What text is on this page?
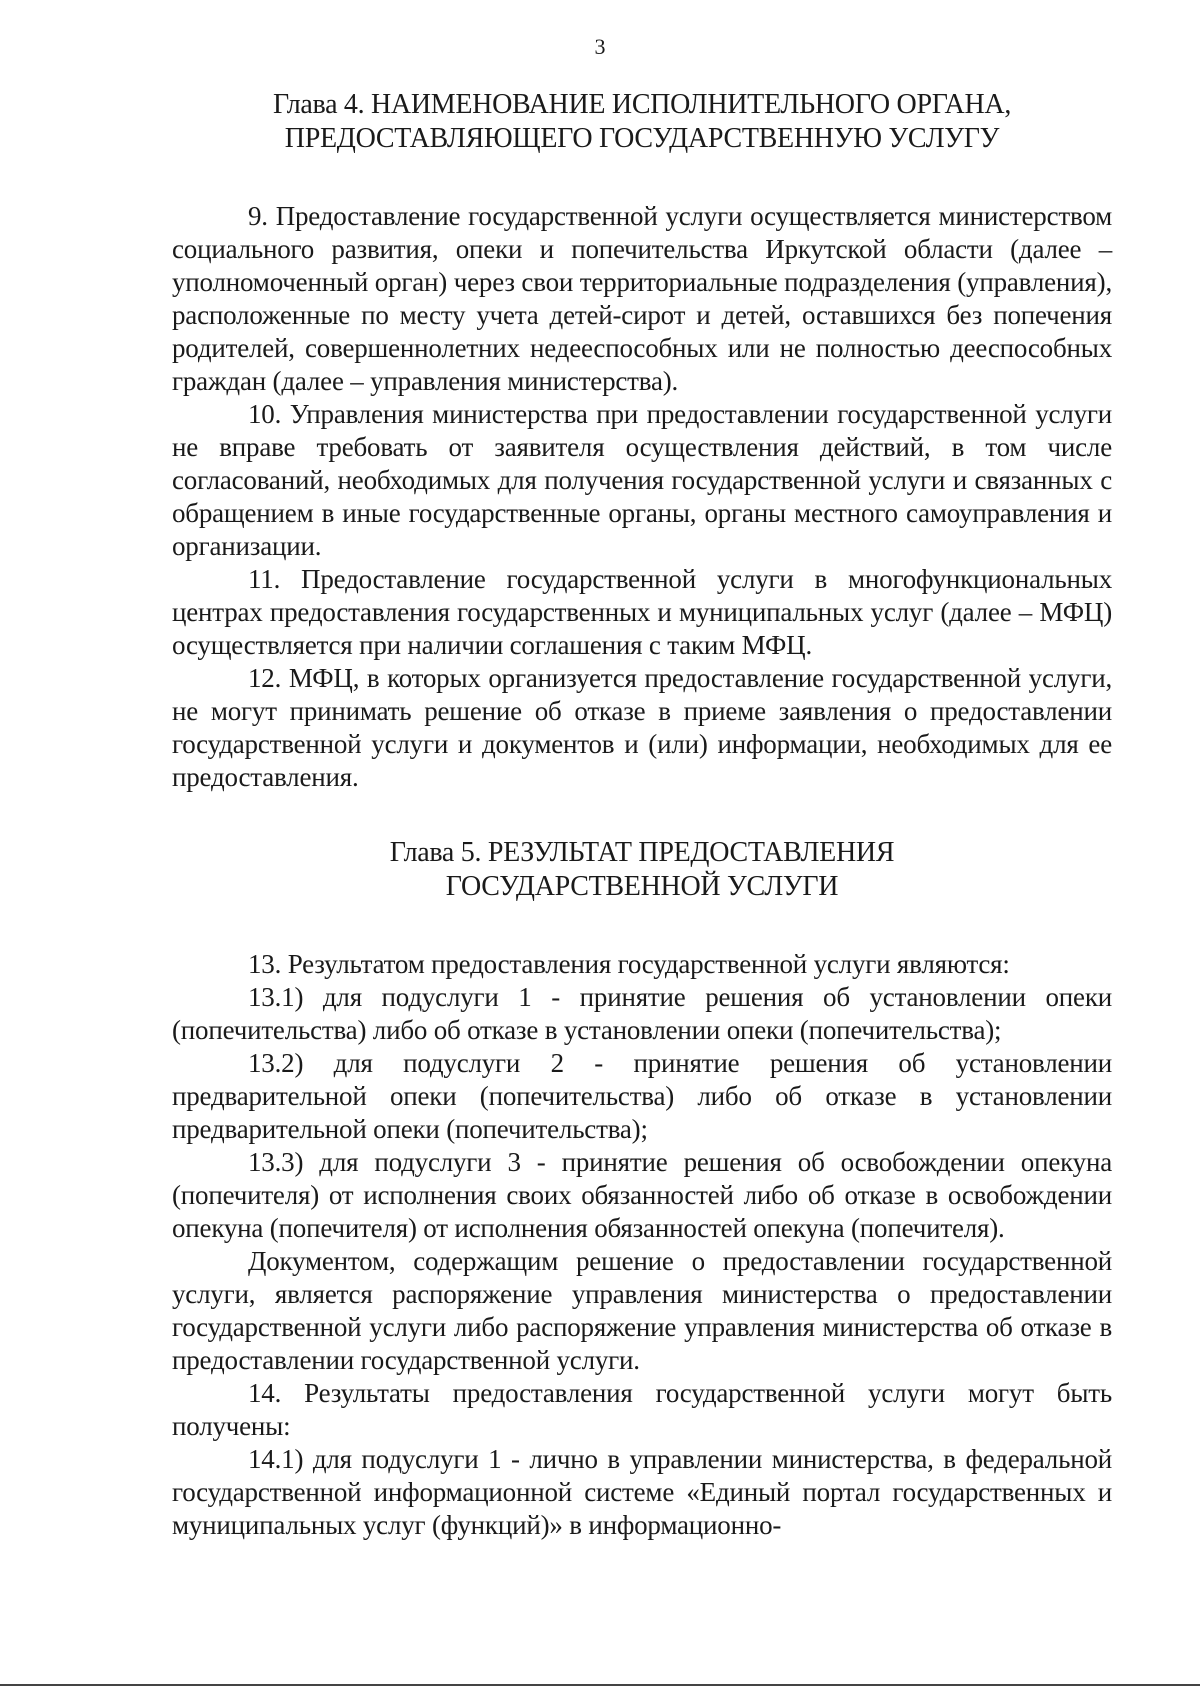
3
Глава 4. НАИМЕНОВАНИЕ ИСПОЛНИТЕЛЬНОГО ОРГАНА,
ПРЕДОСТАВЛЯЮЩЕГО ГОСУДАРСТВЕННУЮ УСЛУГУ

9. Предоставление государственной услуги осуществляется министерством социального развития, опеки и попечительства Иркутской области (далее – уполномоченный орган) через свои территориальные подразделения (управления), расположенные по месту учета детей-сирот и детей, оставшихся без попечения родителей, совершеннолетних недееспособных или не полностью дееспособных граждан (далее – управления министерства).

10. Управления министерства при предоставлении государственной услуги не вправе требовать от заявителя осуществления действий, в том числе согласований, необходимых для получения государственной услуги и связанных с обращением в иные государственные органы, органы местного самоуправления и организации.

11. Предоставление государственной услуги в многофункциональных центрах предоставления государственных и муниципальных услуг (далее – МФЦ) осуществляется при наличии соглашения с таким МФЦ.

12. МФЦ, в которых организуется предоставление государственной услуги, не могут принимать решение об отказе в приеме заявления о предоставлении государственной услуги и документов и (или) информации, необходимых для ее предоставления.

Глава 5. РЕЗУЛЬТАТ ПРЕДОСТАВЛЕНИЯ
ГОСУДАРСТВЕННОЙ УСЛУГИ

13. Результатом предоставления государственной услуги являются:

13.1) для подуслуги 1 - принятие решения об установлении опеки (попечительства) либо об отказе в установлении опеки (попечительства);

13.2) для подуслуги 2 - принятие решения об установлении предварительной опеки (попечительства) либо об отказе в установлении предварительной опеки (попечительства);

13.3) для подуслуги 3 - принятие решения об освобождении опекуна (попечителя) от исполнения своих обязанностей либо об отказе в освобождении опекуна (попечителя) от исполнения обязанностей опекуна (попечителя).

Документом, содержащим решение о предоставлении государственной услуги, является распоряжение управления министерства о предоставлении государственной услуги либо распоряжение управления министерства об отказе в предоставлении государственной услуги.

14. Результаты предоставления государственной услуги могут быть получены:

14.1) для подуслуги 1 - лично в управлении министерства, в федеральной государственной информационной системе «Единый портал государственных и муниципальных услуг (функций)» в информационно-
